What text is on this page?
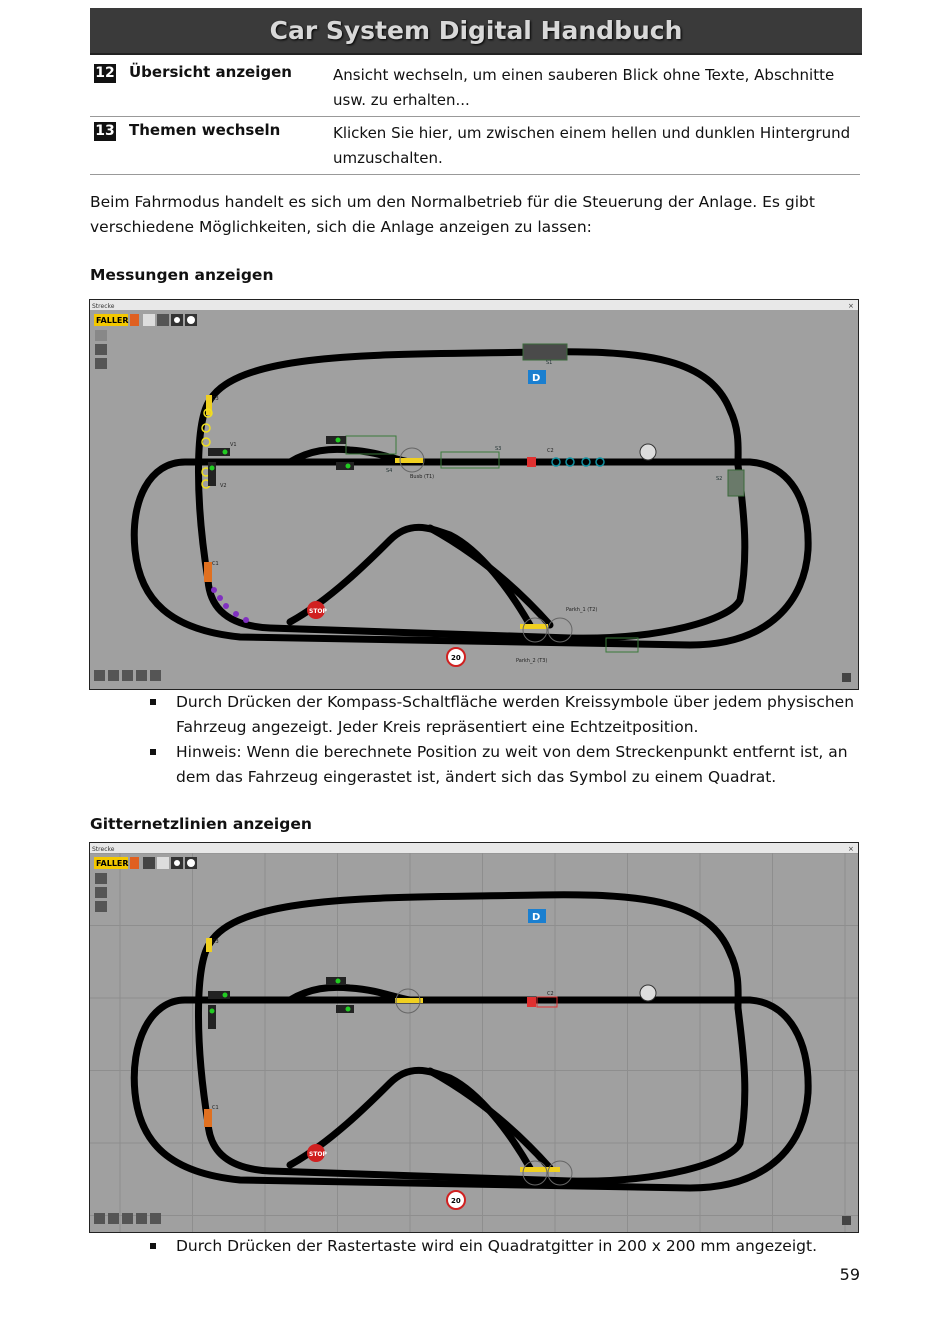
Car System Digital Handbuch
12 Übersicht anzeigen	Ansicht wechseln, um einen sauberen Blick ohne Texte, Abschnitte usw. zu erhalten...
13 Themen wechseln	Klicken Sie hier, um zwischen einem hellen und dunklen Hintergrund umzuschalten.
Beim Fahrmodus handelt es sich um den Normalbetrieb für die Steuerung der Anlage. Es gibt verschiedene Möglichkeiten, sich die Anlage anzeigen zu lassen:
Messungen anzeigen
Strecke	×
FALLER
S1
S3
S2
S4
C3
C1
C2
V1
V2
Busb (T1)
Parkh_1 (T2)
Parkh_2 (T3)
D
STOP
20

Durch Drücken der Kompass-Schaltfläche werden Kreissymbole über jedem physischen Fahrzeug angezeigt. Jeder Kreis repräsentiert eine Echtzeitposition.

Hinweis: Wenn die berechnete Position zu weit von dem Streckenpunkt entfernt ist, an dem das Fahrzeug eingerastet ist, ändert sich das Symbol zu einem Quadrat.

Gitternetzlinien anzeigen
Strecke	×
FALLER
C3
C1
C2
D
STOP
20

Durch Drücken der Rastertaste wird ein Quadratgitter in 200 x 200 mm angezeigt.

59
